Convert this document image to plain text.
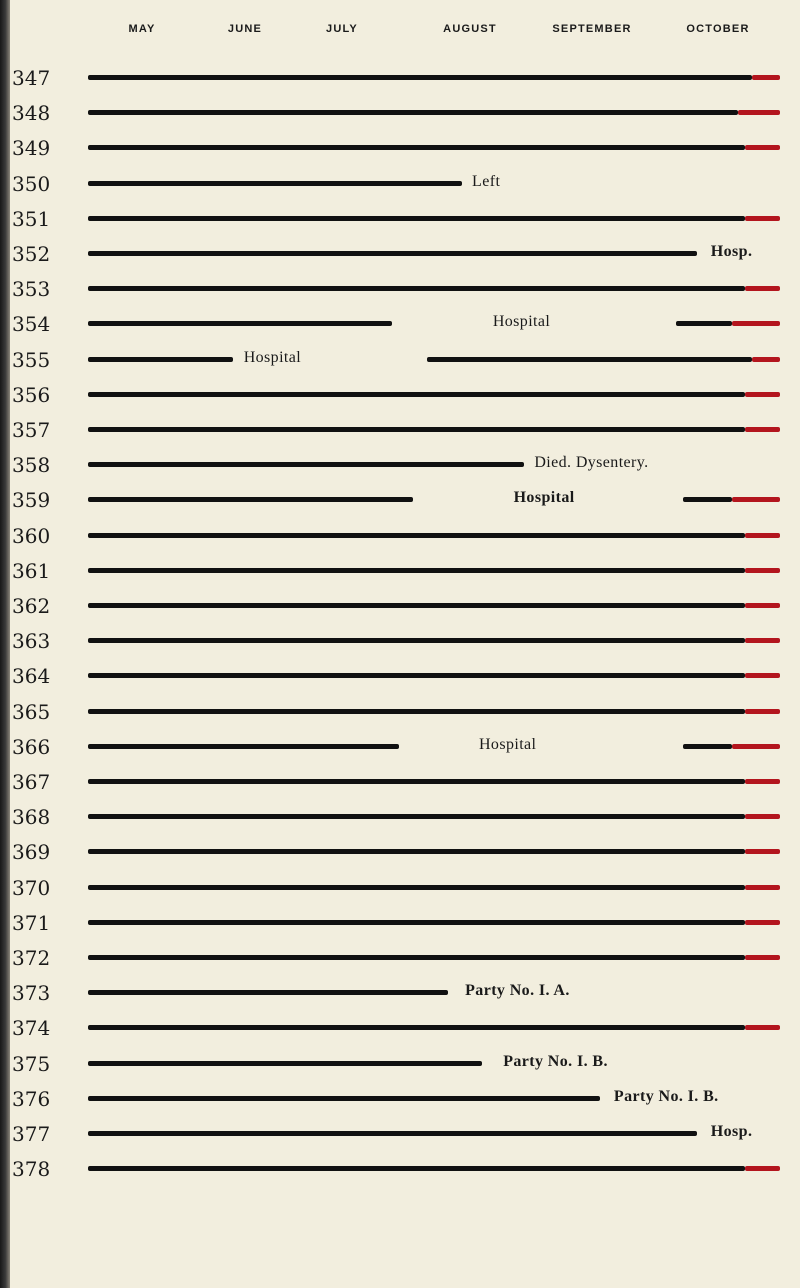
MAY	JUNE	JULY	AUGUST	SEPTEMBER	OCTOBER
347
348
349
350	Left
351
352	Hosp.
353
354	Hospital
355	Hospital
356
357
358	Died. Dysentery.
359	Hospital
360
361
362
363
364
365
366	Hospital
367
368
369
370
371
372
373	Party No. I. A.
374
375	Party No. I. B.
376	Party No. I. B.
377	Hosp.
378
